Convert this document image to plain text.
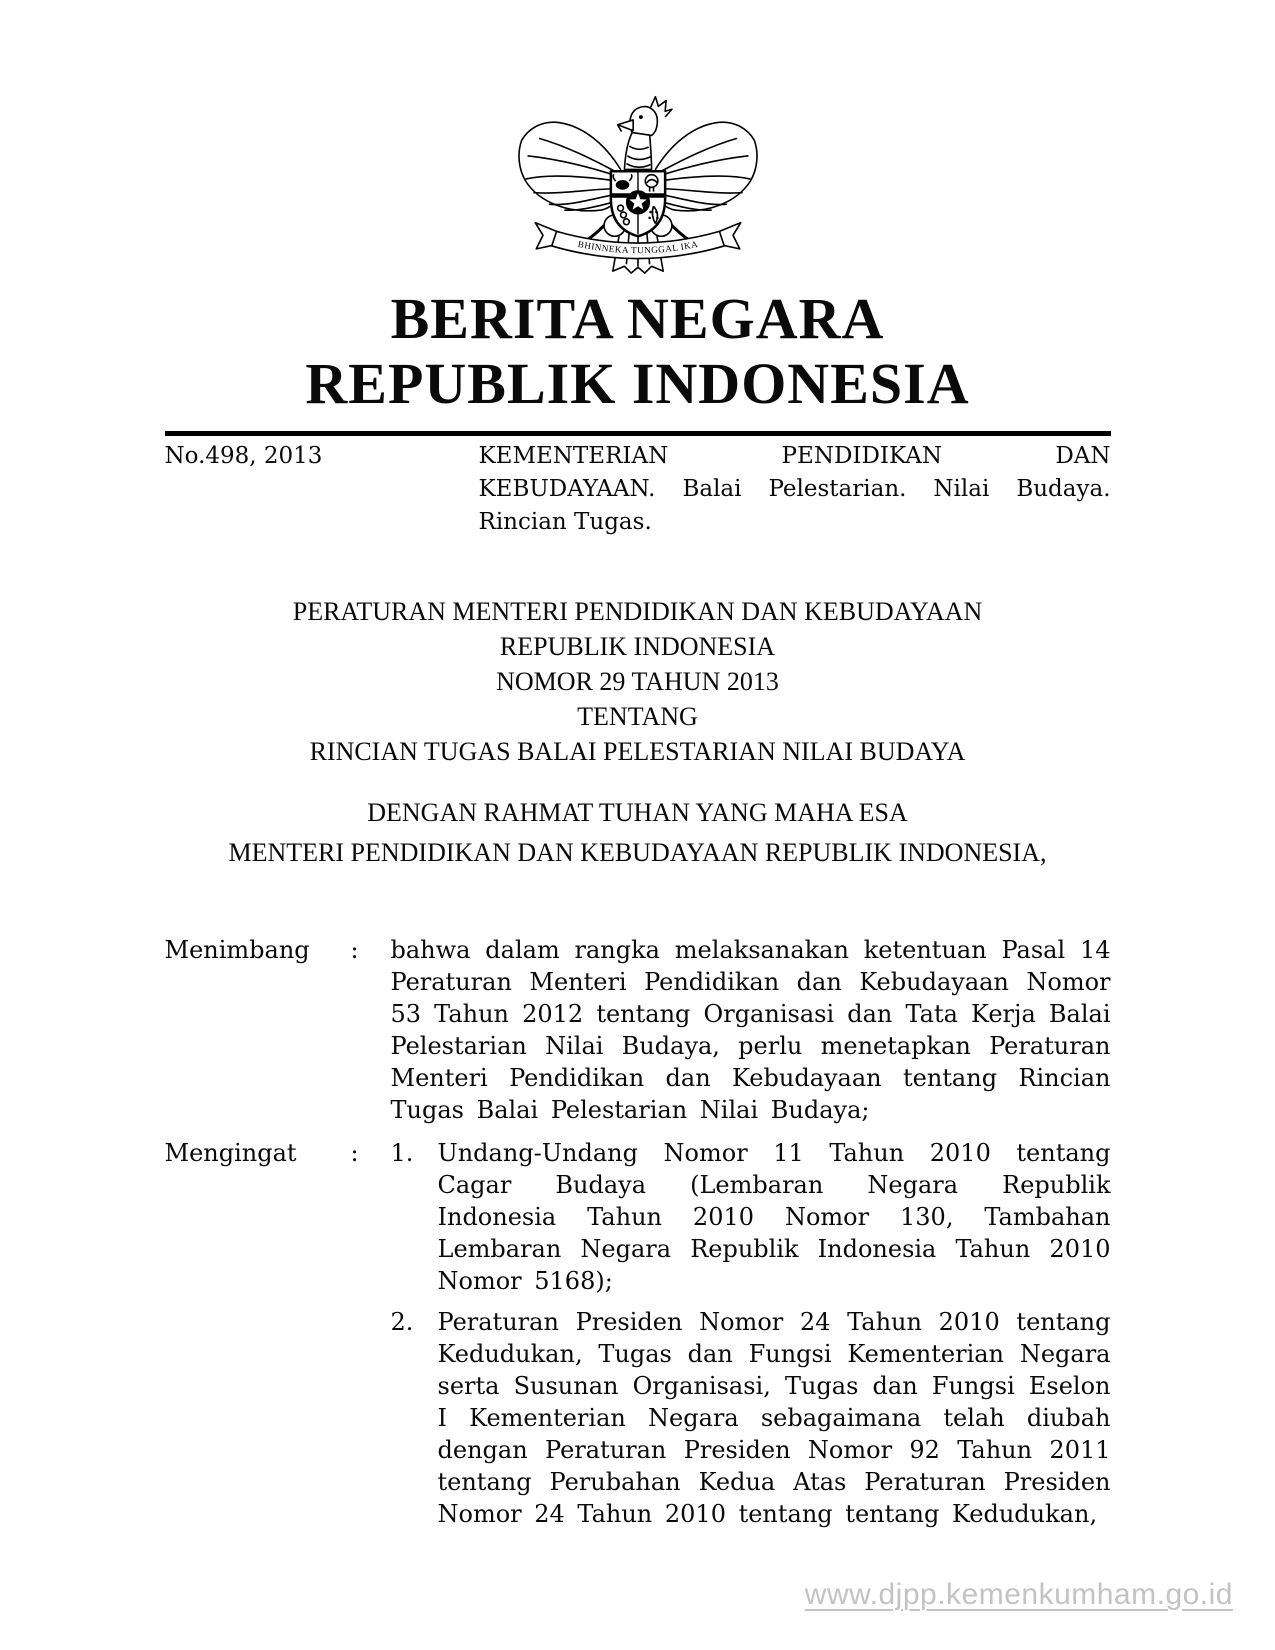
BHINNEKA TUNGGAL IKA
BERITA NEGARA
REPUBLIK INDONESIA
No.498, 2013	KEMENTERIAN PENDIDIKAN DAN
KEBUDAYAAN. Balai Pelestarian. Nilai Budaya.
Rincian Tugas.
PERATURAN MENTERI PENDIDIKAN DAN KEBUDAYAAN
REPUBLIK INDONESIA
NOMOR 29 TAHUN 2013
TENTANG
RINCIAN TUGAS BALAI PELESTARIAN NILAI BUDAYA
DENGAN RAHMAT TUHAN YANG MAHA ESA
MENTERI PENDIDIKAN DAN KEBUDAYAAN REPUBLIK INDONESIA,
Menimbang	:	bahwa dalam rangka melaksanakan ketentuan Pasal 14 Peraturan Menteri Pendidikan dan Kebudayaan Nomor 53 Tahun 2012 tentang Organisasi dan Tata Kerja Balai Pelestarian Nilai Budaya, perlu menetapkan Peraturan Menteri Pendidikan dan Kebudayaan tentang Rincian Tugas Balai Pelestarian Nilai Budaya;
Mengingat	:	1.	Undang-Undang Nomor 11 Tahun 2010 tentang Cagar Budaya (Lembaran Negara Republik Indonesia Tahun 2010 Nomor 130, Tambahan Lembaran Negara Republik Indonesia Tahun 2010 Nomor 5168);
2.	Peraturan Presiden Nomor 24 Tahun 2010 tentang Kedudukan, Tugas dan Fungsi Kementerian Negara serta Susunan Organisasi, Tugas dan Fungsi Eselon I Kementerian Negara sebagaimana telah diubah dengan Peraturan Presiden Nomor 92 Tahun 2011 tentang Perubahan Kedua Atas Peraturan Presiden Nomor 24 Tahun 2010 tentang tentang Kedudukan,
www.djpp.kemenkumham.go.id
